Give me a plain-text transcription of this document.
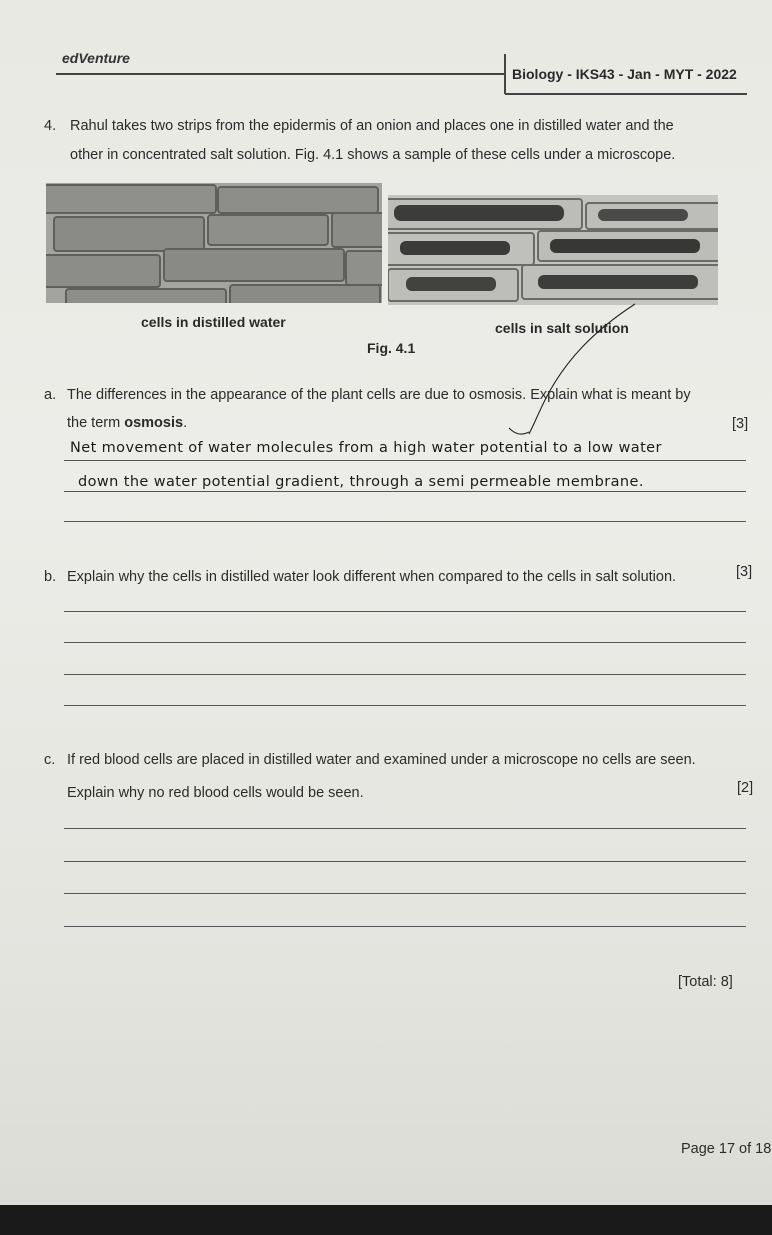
edVenture
Biology - IKS43 - Jan - MYT - 2022
4. Rahul takes two strips from the epidermis of an onion and places one in distilled water and the
other in concentrated salt solution. Fig. 4.1 shows a sample of these cells under a microscope.
cells in distilled water	cells in salt solution
Fig. 4.1
a. The differences in the appearance of the plant cells are due to osmosis. Explain what is meant by
the term osmosis.	[3]
Net movement of water molecules from a high water potential to a low water
down the water potential gradient, through a semi permeable membrane.
b. Explain why the cells in distilled water look different when compared to the cells in salt solution.	[3]
c. If red blood cells are placed in distilled water and examined under a microscope no cells are seen.
Explain why no red blood cells would be seen.	[2]
[Total: 8]
Page 17 of 18
